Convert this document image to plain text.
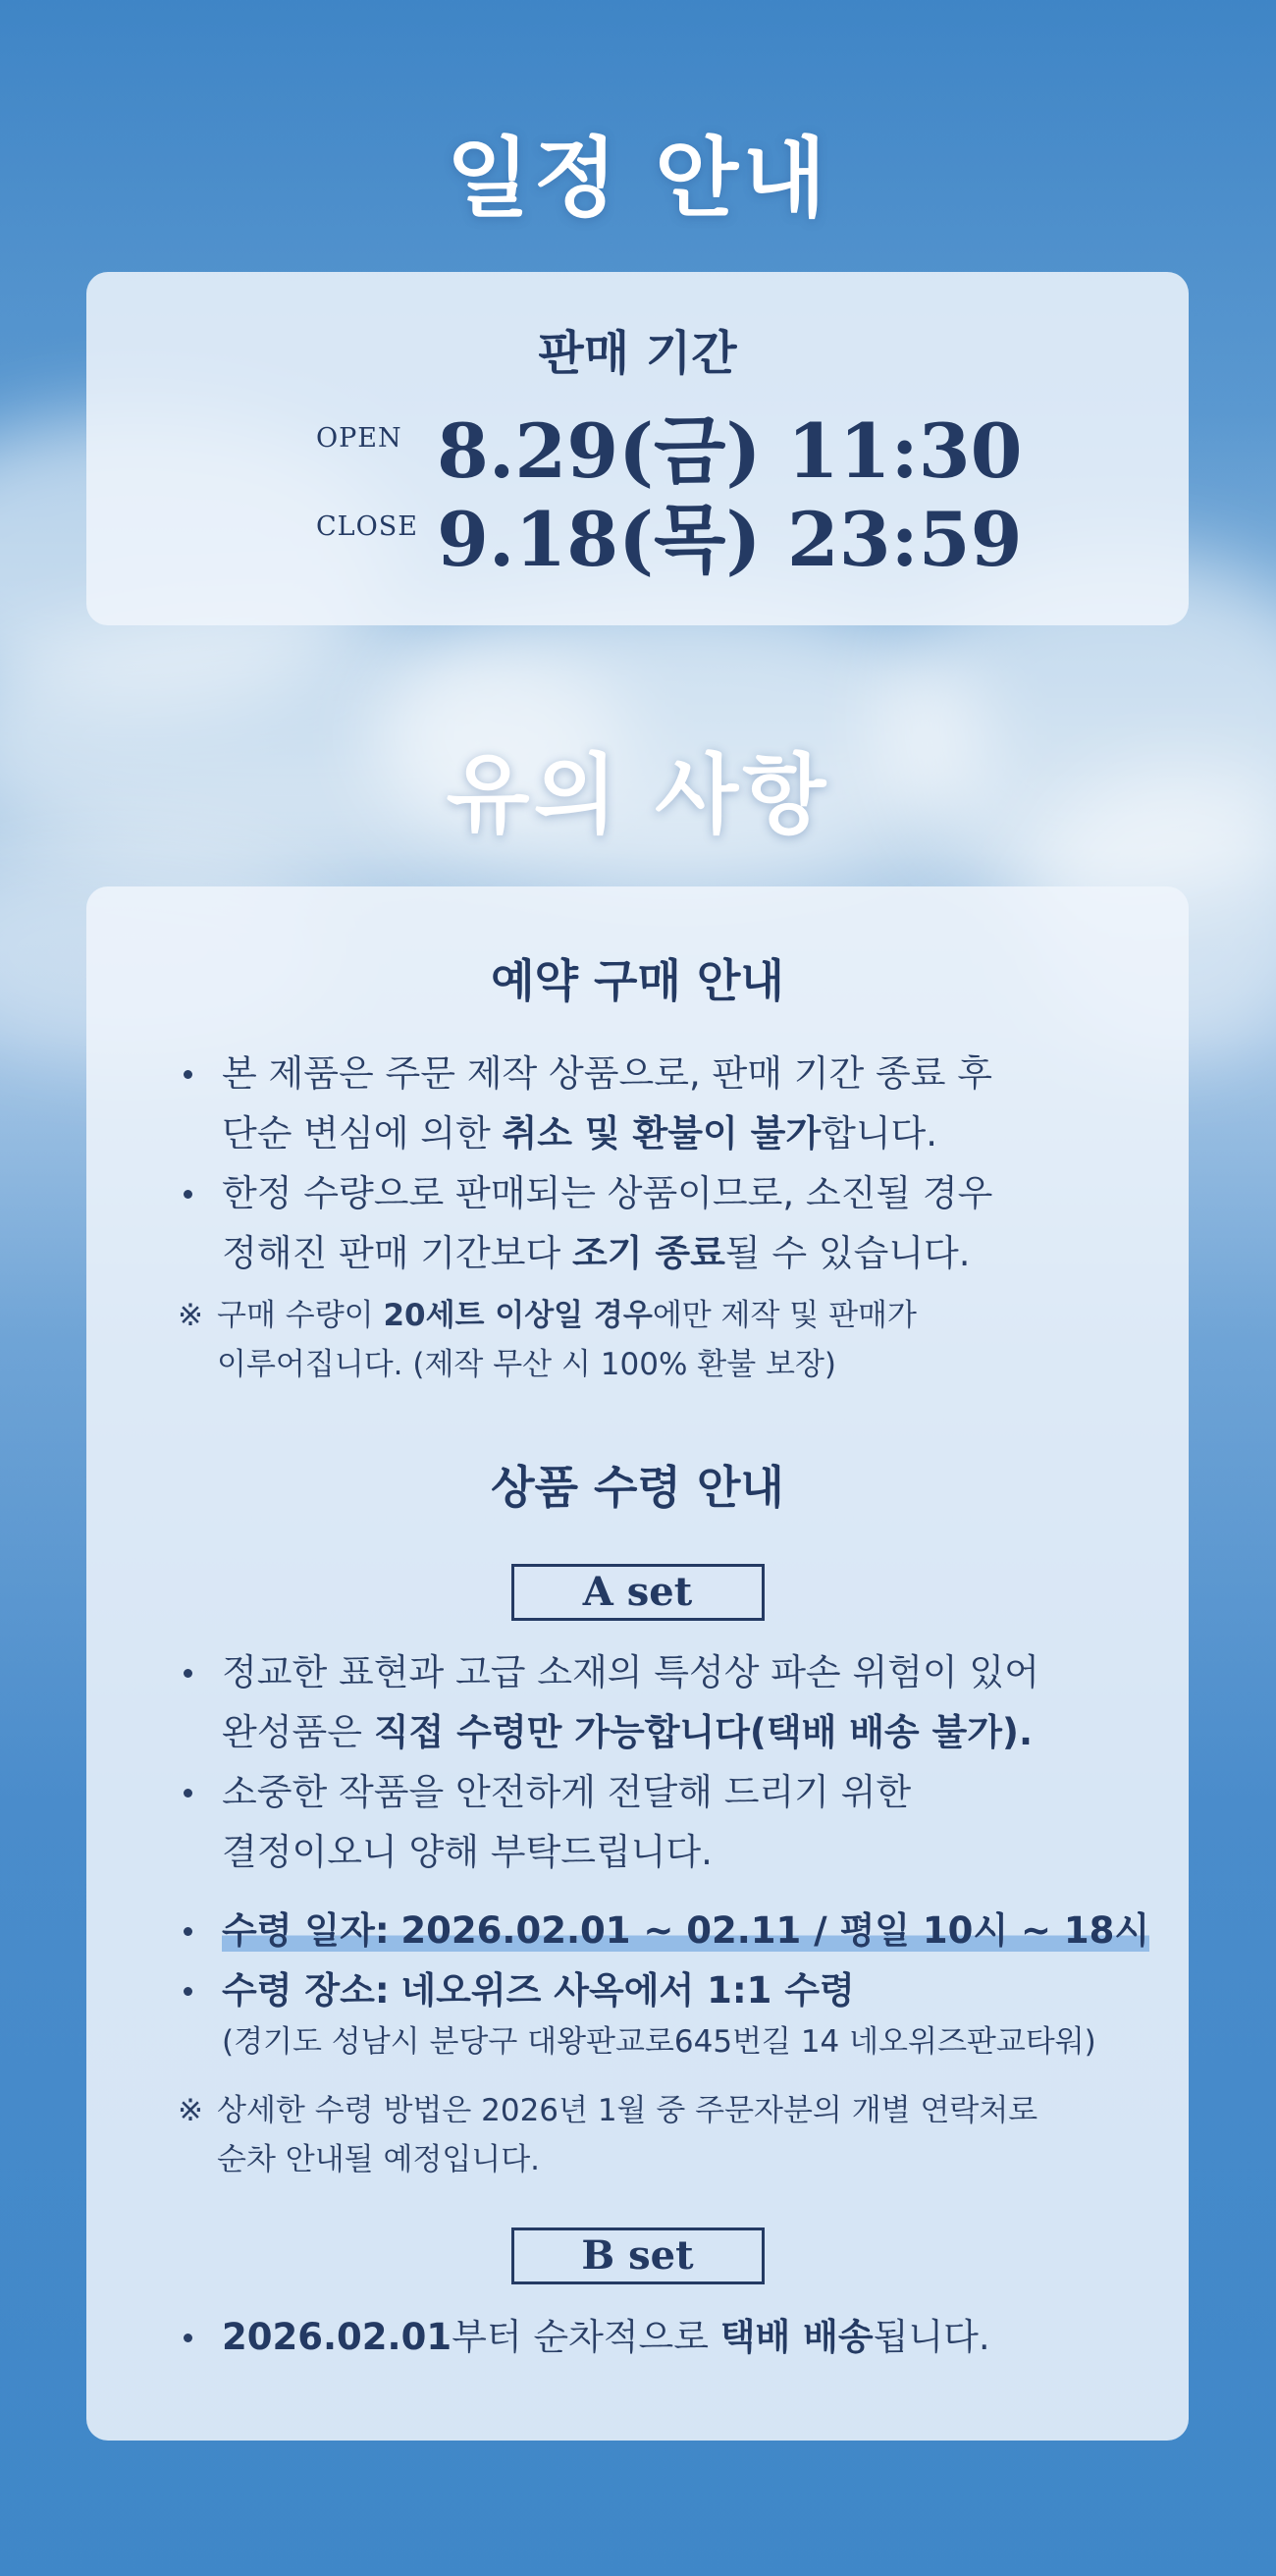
일정 안내
판매 기간
OPEN 8.29(금) 11:30
CLOSE 9.18(목) 23:59
유의 사항
예약 구매 안내
본 제품은 주문 제작 상품으로, 판매 기간 종료 후
단순 변심에 의한 취소 및 환불이 불가합니다.
한정 수량으로 판매되는 상품이므로, 소진될 경우
정해진 판매 기간보다 조기 종료될 수 있습니다.
※ 구매 수량이 20세트 이상일 경우에만 제작 및 판매가
이루어집니다. (제작 무산 시 100% 환불 보장)
상품 수령 안내
A set
정교한 표현과 고급 소재의 특성상 파손 위험이 있어
완성품은 직접 수령만 가능합니다(택배 배송 불가).
소중한 작품을 안전하게 전달해 드리기 위한
결정이오니 양해 부탁드립니다.
수령 일자: 2026.02.01 ~ 02.11 / 평일 10시 ~ 18시
수령 장소: 네오위즈 사옥에서 1:1 수령
(경기도 성남시 분당구 대왕판교로645번길 14 네오위즈판교타워)
※ 상세한 수령 방법은 2026년 1월 중 주문자분의 개별 연락처로
순차 안내될 예정입니다.
B set
2026.02.01부터 순차적으로 택배 배송됩니다.
